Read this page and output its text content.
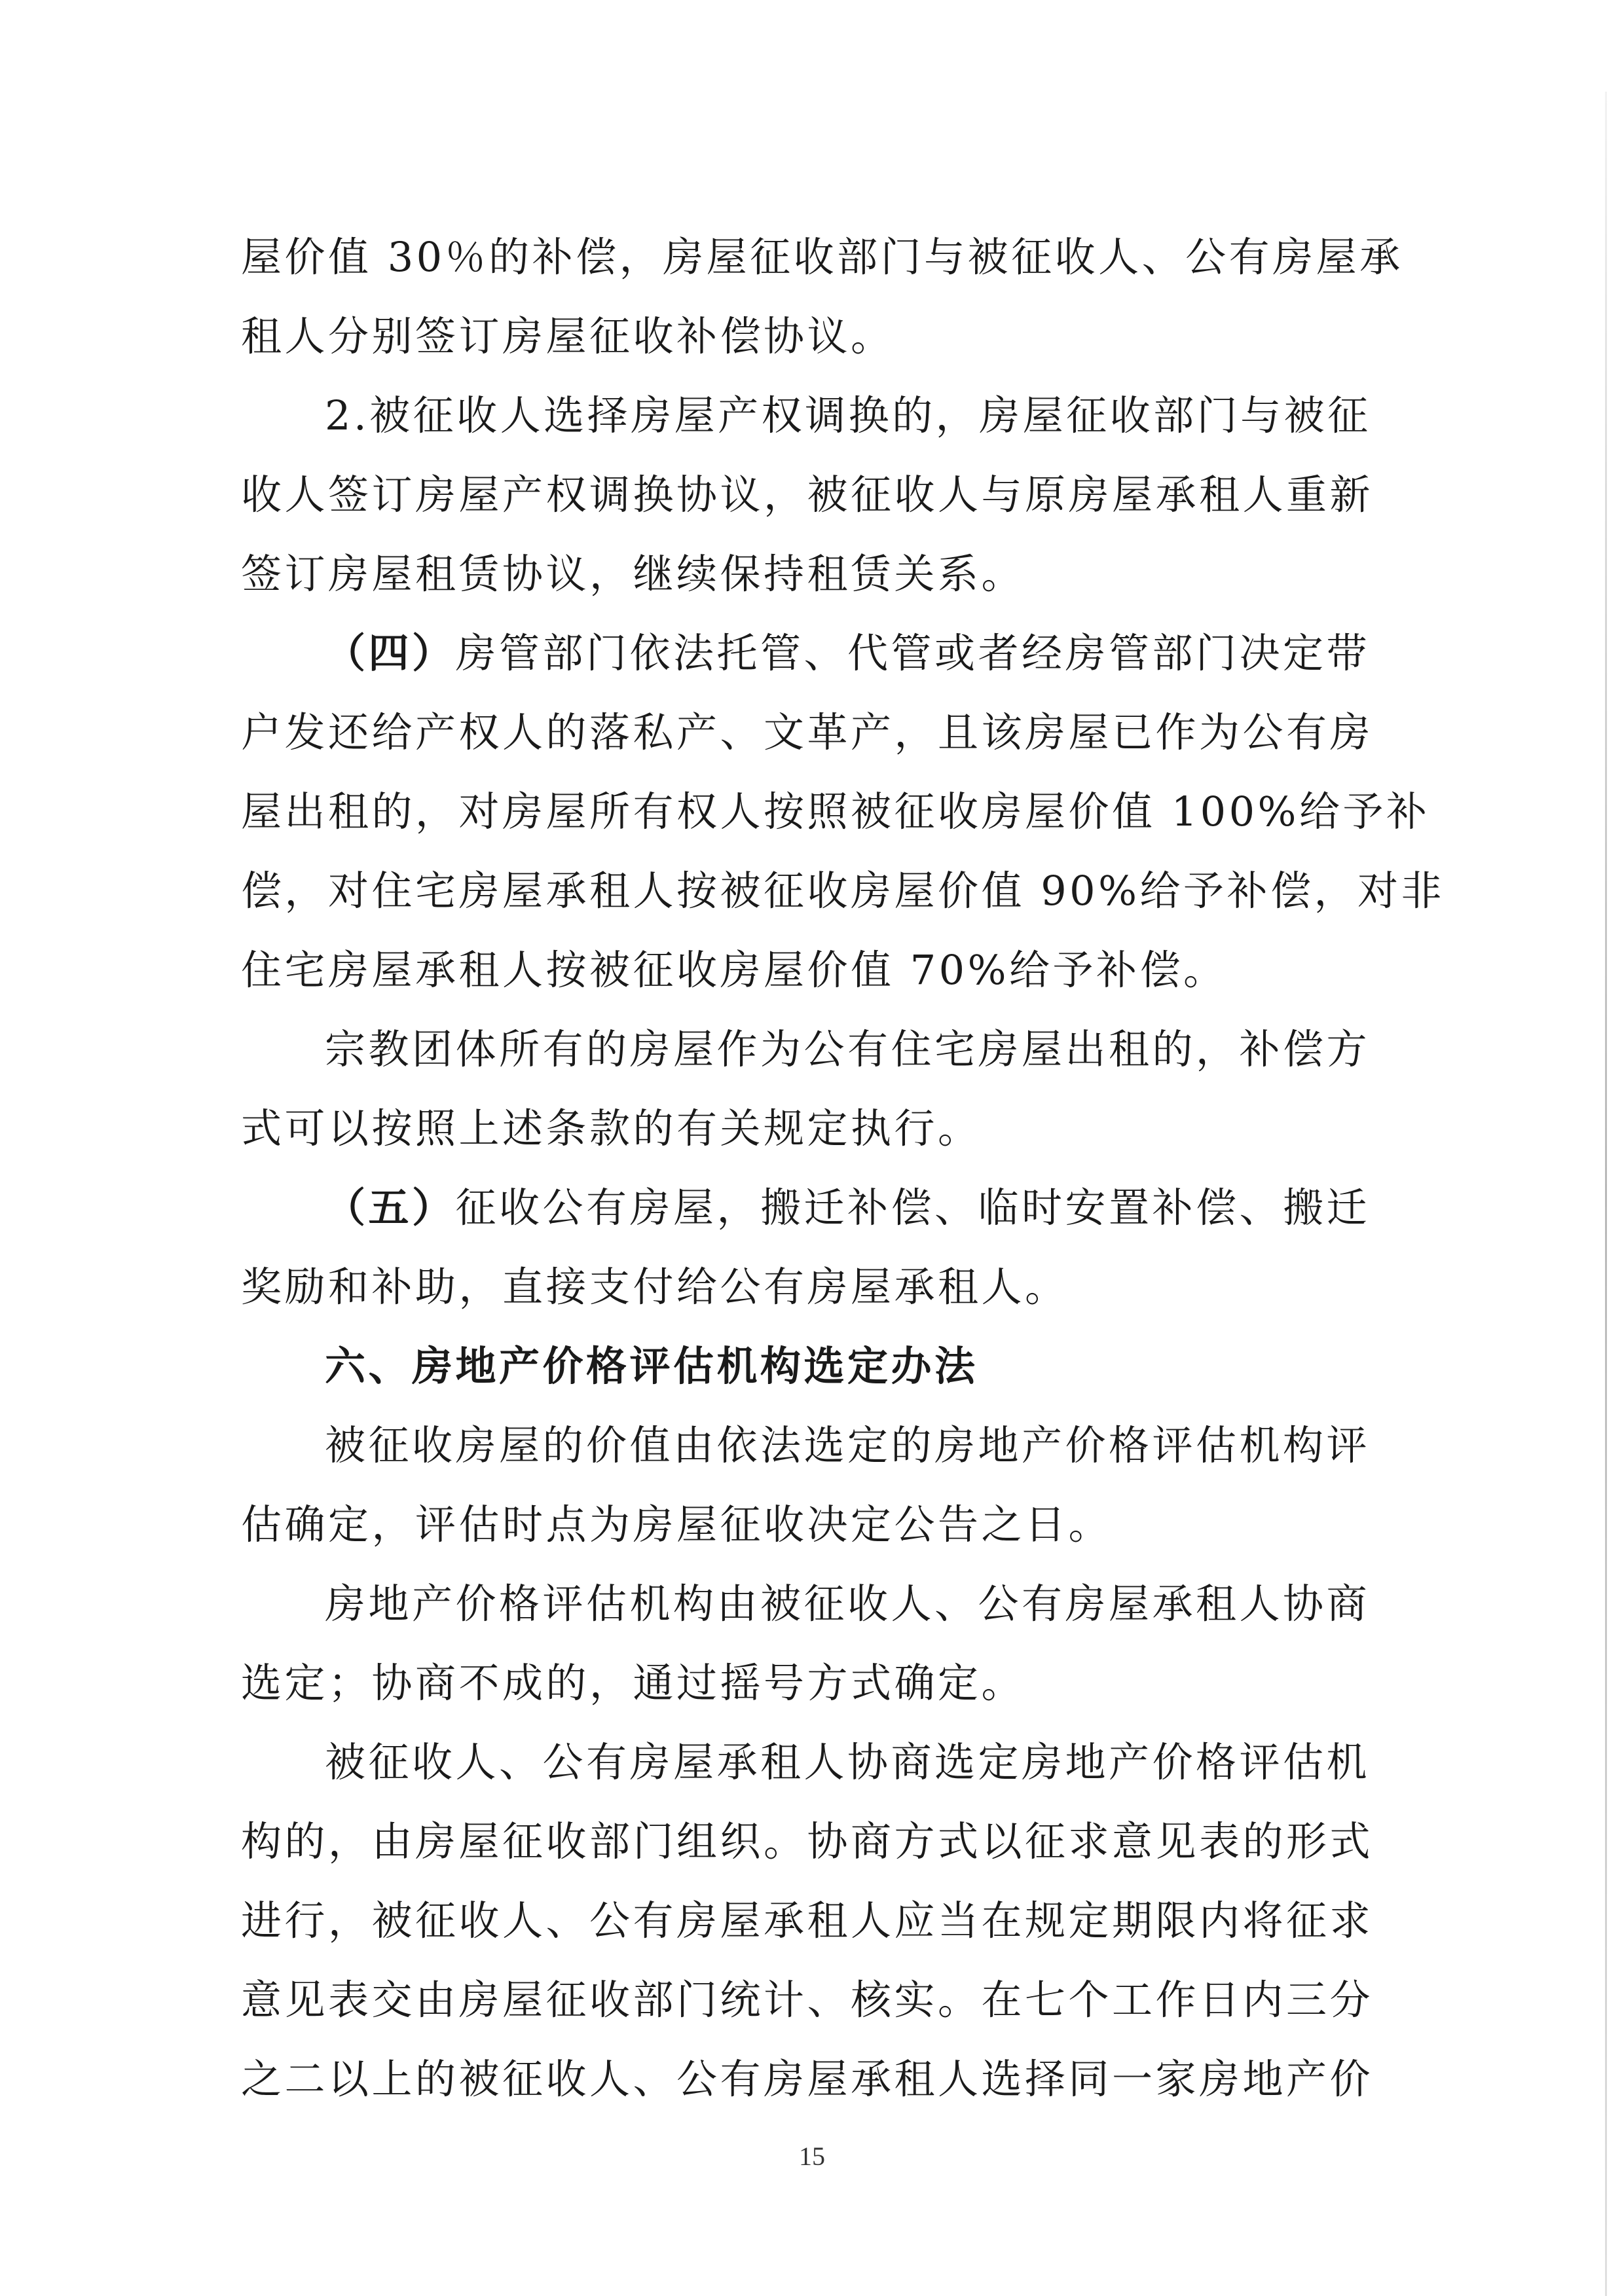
屋价值 30％的补偿，房屋征收部门与被征收人、公有房屋承
租人分别签订房屋征收补偿协议。
2.被征收人选择房屋产权调换的，房屋征收部门与被征
收人签订房屋产权调换协议，被征收人与原房屋承租人重新
签订房屋租赁协议，继续保持租赁关系。
（四）房管部门依法托管、代管或者经房管部门决定带
户发还给产权人的落私产、文革产，且该房屋已作为公有房
屋出租的，对房屋所有权人按照被征收房屋价值 100%给予补
偿，对住宅房屋承租人按被征收房屋价值 90%给予补偿，对非
住宅房屋承租人按被征收房屋价值 70%给予补偿。
宗教团体所有的房屋作为公有住宅房屋出租的，补偿方
式可以按照上述条款的有关规定执行。
（五）征收公有房屋，搬迁补偿、临时安置补偿、搬迁
奖励和补助，直接支付给公有房屋承租人。
六、房地产价格评估机构选定办法
被征收房屋的价值由依法选定的房地产价格评估机构评
估确定，评估时点为房屋征收决定公告之日。
房地产价格评估机构由被征收人、公有房屋承租人协商
选定；协商不成的，通过摇号方式确定。
被征收人、公有房屋承租人协商选定房地产价格评估机
构的，由房屋征收部门组织。协商方式以征求意见表的形式
进行，被征收人、公有房屋承租人应当在规定期限内将征求
意见表交由房屋征收部门统计、核实。在七个工作日内三分
之二以上的被征收人、公有房屋承租人选择同一家房地产价
15
